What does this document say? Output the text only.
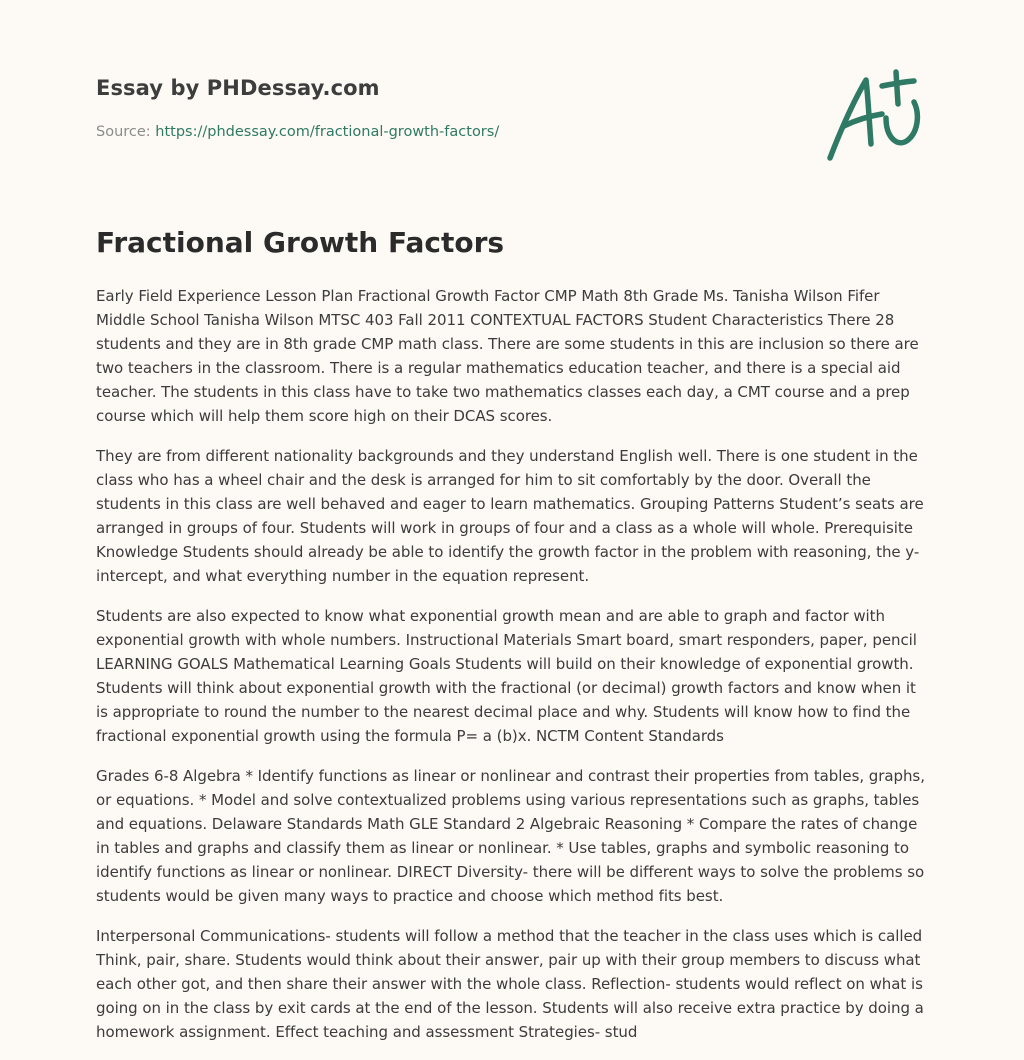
Essay by PHDessay.com

Source: https://phdessay.com/fractional-growth-factors/

Fractional Growth Factors

Early Field Experience Lesson Plan Fractional Growth Factor CMP Math 8th Grade Ms. Tanisha Wilson Fifer Middle School Tanisha Wilson MTSC 403 Fall 2011 CONTEXTUAL FACTORS Student Characteristics There 28 students and they are in 8th grade CMP math class. There are some students in this are inclusion so there are two teachers in the classroom. There is a regular mathematics education teacher, and there is a special aid teacher. The students in this class have to take two mathematics classes each day, a CMT course and a prep course which will help them score high on their DCAS scores.

They are from different nationality backgrounds and they understand English well. There is one student in the class who has a wheel chair and the desk is arranged for him to sit comfortably by the door. Overall the students in this class are well behaved and eager to learn mathematics. Grouping Patterns Student’s seats are arranged in groups of four. Students will work in groups of four and a class as a whole will whole. Prerequisite Knowledge Students should already be able to identify the growth factor in the problem with reasoning, the y- intercept, and what everything number in the equation represent.

Students are also expected to know what exponential growth mean and are able to graph and factor with exponential growth with whole numbers. Instructional Materials Smart board, smart responders, paper, pencil LEARNING GOALS Mathematical Learning Goals Students will build on their knowledge of exponential growth. Students will think about exponential growth with the fractional (or decimal) growth factors and know when it is appropriate to round the number to the nearest decimal place and why. Students will know how to find the fractional exponential growth using the formula P= a (b)x. NCTM Content Standards

Grades 6-8 Algebra * Identify functions as linear or nonlinear and contrast their properties from tables, graphs, or equations. * Model and solve contextualized problems using various representations such as graphs, tables and equations. Delaware Standards Math GLE Standard 2 Algebraic Reasoning * Compare the rates of change in tables and graphs and classify them as linear or nonlinear. * Use tables, graphs and symbolic reasoning to identify functions as linear or nonlinear. DIRECT Diversity- there will be different ways to solve the problems so students would be given many ways to practice and choose which method fits best.

Interpersonal Communications- students will follow a method that the teacher in the class uses which is called Think, pair, share. Students would think about their answer, pair up with their group members to discuss what each other got, and then share their answer with the whole class. Reflection- students would reflect on what is going on in the class by exit cards at the end of the lesson. Students will also receive extra practice by doing a homework assignment. Effect teaching and assessment Strategies- stud
